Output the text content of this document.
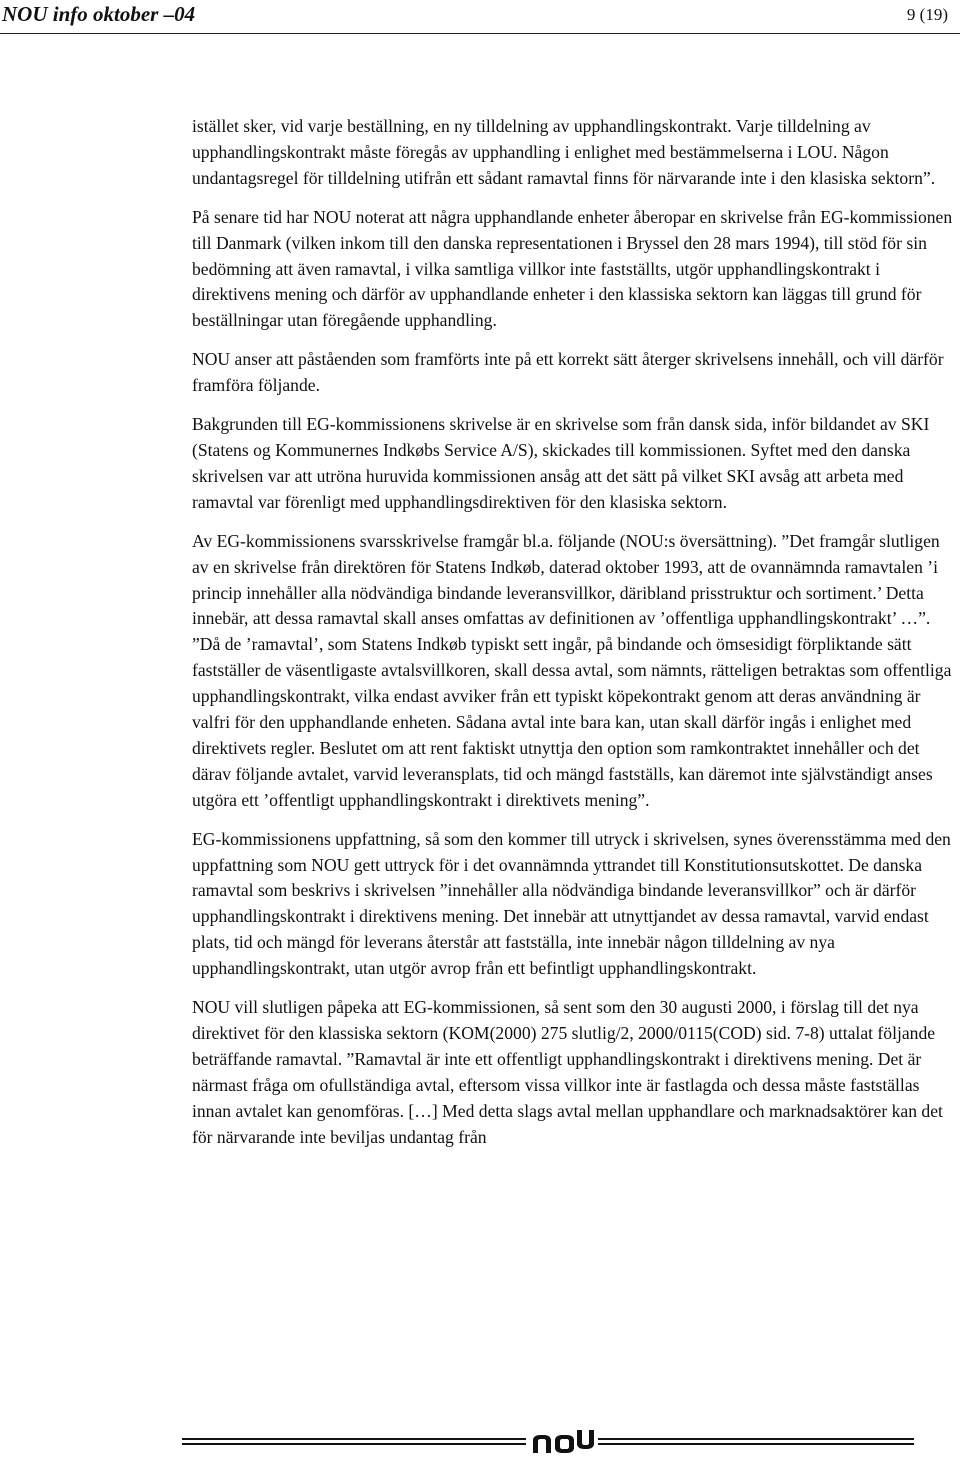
NOU info oktober –04	9 (19)

istället sker, vid varje beställning, en ny tilldelning av upphandlingskontrakt. Varje tilldelning av upphandlingskontrakt måste föregås av upphandling i enlighet med bestämmelserna i LOU. Någon undantagsregel för tilldelning utifrån ett sådant ramavtal finns för närvarande inte i den klasiska sektorn”.

På senare tid har NOU noterat att några upphandlande enheter åberopar en skrivelse från EG-kommissionen till Danmark (vilken inkom till den danska representationen i Bryssel den 28 mars 1994), till stöd för sin bedömning att även ramavtal, i vilka samtliga villkor inte fastställts, utgör upphandlingskontrakt i direktivens mening och därför av upphandlande enheter i den klassiska sektorn kan läggas till grund för beställningar utan föregående upphandling.

NOU anser att påståenden som framförts inte på ett korrekt sätt återger skrivelsens innehåll, och vill därför framföra följande.

Bakgrunden till EG-kommissionens skrivelse är en skrivelse som från dansk sida, inför bildandet av SKI (Statens og Kommunernes Indkøbs Service A/S), skickades till kommissionen. Syftet med den danska skrivelsen var att utröna huruvida kommissionen ansåg att det sätt på vilket SKI avsåg att arbeta med ramavtal var förenligt med upphandlingsdirektiven för den klasiska sektorn.

Av EG-kommissionens svarsskrivelse framgår bl.a. följande (NOU:s översättning). ”Det framgår slutligen av en skrivelse från direktören för Statens Indkøb, daterad oktober 1993, att de ovannämnda ramavtalen ’i princip innehåller alla nödvändiga bindande leveransvillkor, däribland prisstruktur och sortiment.’ Detta innebär, att dessa ramavtal skall anses omfattas av definitionen av ’offentliga upphandlingskontrakt’ …”. ”Då de ’ramavtal’, som Statens Indkøb typiskt sett ingår, på bindande och ömsesidigt förpliktande sätt fastställer de väsentligaste avtalsvillkoren, skall dessa avtal, som nämnts, rätteligen betraktas som offentliga upphandlingskontrakt, vilka endast avviker från ett typiskt köpekontrakt genom att deras användning är valfri för den upphandlande enheten. Sådana avtal inte bara kan, utan skall därför ingås i enlighet med direktivets regler. Beslutet om att rent faktiskt utnyttja den option som ramkontraktet innehåller och det därav följande avtalet, varvid leveransplats, tid och mängd fastställs, kan däremot inte självständigt anses utgöra ett ’offentligt upphandlingskontrakt i direktivets mening”.

EG-kommissionens uppfattning, så som den kommer till utryck i skrivelsen, synes överensstämma med den uppfattning som NOU gett uttryck för i det ovannämnda yttrandet till Konstitutionsutskottet. De danska ramavtal som beskrivs i skrivelsen ”innehåller alla nödvändiga bindande leveransvillkor” och är därför upphandlingskontrakt i direktivens mening. Det innebär att utnyttjandet av dessa ramavtal, varvid endast plats, tid och mängd för leverans återstår att fastställa, inte innebär någon tilldelning av nya upphandlingskontrakt, utan utgör avrop från ett befintligt upphandlingskontrakt.

NOU vill slutligen påpeka att EG-kommissionen, så sent som den 30 augusti 2000, i förslag till det nya direktivet för den klassiska sektorn (KOM(2000) 275 slutlig/2, 2000/0115(COD) sid. 7-8) uttalat följande beträffande ramavtal. ”Ramavtal är inte ett offentligt upphandlingskontrakt i direktivens mening. Det är närmast fråga om ofullständiga avtal, eftersom vissa villkor inte är fastlagda och dessa måste fastställas innan avtalet kan genomföras. […] Med detta slags avtal mellan upphandlare och marknadsaktörer kan det för närvarande inte beviljas undantag från
